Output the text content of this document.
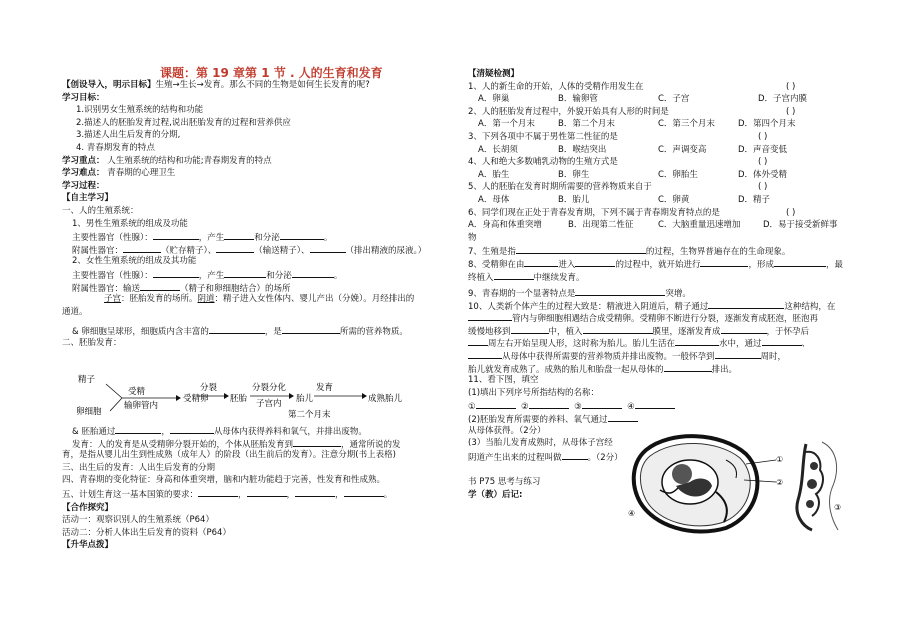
课题：第 19 章第 1 节 . 人的生育和发育
【创设导入，明示目标】生殖→生长→发育。那么不同的生物是如何生长发育的呢?
学习目标：
1.识别男女生殖系统的结构和功能
2.描述人的胚胎发育过程,说出胚胎发育的过程和营养供应
3.描述人出生后发育的分期,
4. 青春期发育的特点
学习重点： 人生殖系统的结构和功能;青春期发育的特点
学习难点： 青春期的心理卫生
学习过程：
【自主学习】
一、人的生殖系统：
1、男性生殖系统的组成及功能
主要性器官（性腺）：	，产生	和分泌	。
附属性器官：	（贮存精子）、	（输送精子）、	（排出精液的尿液。）
2、女性生殖系统的组成及其功能
主要性器官（性腺）：	，产生	和分泌	。
附属性器官：输送	（精子和卵细胞结合）的场所
子宫：胚胎发育的场所。阴道：精子进入女性体内、婴儿产出（分娩）。月经排出的
通道。
& 卵细胞呈球形，细胞质内含丰富的	，是	所需的营养物质。
二、胚胎发育：
精子
卵细胞
受精
输卵管内
受精卵
分裂
胚胎
分裂分化
子宫内 胎儿
发育
第二个月末
成熟胎儿
& 胚胎通过	，	从母体内获得养料和氧气，并排出废物。
发育：人的发育是从受精卵分裂开始的，个体从胚胎发育到	，通常所说的发
育，是指从婴儿出生到性成熟（成年人）的阶段（出生前后的发育）。注意分期(书上表格)
三、出生后的发育：人出生后发育的分期
四、青春期的变化特征：身高和体重突增，脑和内脏功能趋于完善，性发育和性成熟。
五、计划生育这一基本国策的要求：	，	，	，	。
【合作探究】
活动一：观察识别人的生殖系统（P64）
活动二：分析人体出生后发育的资料（P64）
【升华点拨】
【清疑检测】
1、人的新生命的开始，人体的受精作用发生在	( )
A．卵巢	B．输卵管	C．子宫	D．子宫内膜
2、人的胚胎发育过程中，外貌开始具有人形的时间是	( )
A．第一个月末	B．第二个月末	C．第三个月末	D．第四个月末
3、下列各项中不属于男性第二性征的是	( )
A．长胡须	B．喉结突出	C．声调变高	D．声音变低
4、人和绝大多数哺乳动物的生殖方式是	( )
A．胎生	B．卵生	C．卵胎生	D．体外受精
5、人的胚胎在发育时期所需要的营养物质来自于	( )
A．母体	B．胎儿	C．卵黄	D．精子
6、同学们现在正处于青春发育期，下列不属于青春期发育特点的是	( )
A．身高和体重突增	B．出现第二性征	C．大脑重量迅速增加	D．易于接受新鲜事
物
7、生殖是指	的过程，生物界普遍存在的生命现象。
8、受精卵在由	进入	的过程中，就开始进行	，形成	，最
终植入	中继续发育。
9、青春期的一个显著特点是	突增。
10、人类新个体产生的过程大致是：精液进入阴道后，精子通过	这种结构，在
管内与卵细胞相遇结合成受精卵。受精卵不断进行分裂，逐渐发育成胚泡，胚泡再
缓慢地移到	中，植入	膜里，逐渐发育成	，于怀孕后
周左右开始呈现人形，这时称为胎儿。胎儿生活在	水中，通过	、
从母体中获得所需要的营养物质并排出废物。一般怀孕到	周时，
胎儿就发育成熟了。成熟的胎儿和胎盘一起从母体的	排出。
11、看下图，填空
(1)填出下列序号所指结构的名称：
①	②	③	④
(2)胚胎发育所需要的养料、氧气通过
从母体获得。（2分）
(3）当胎儿发育成熟时，从母体子宫经
阴道产生出来的过程叫做	。（2分）
书 P75 思考与练习
学（教）后记:
④
①
②
③
